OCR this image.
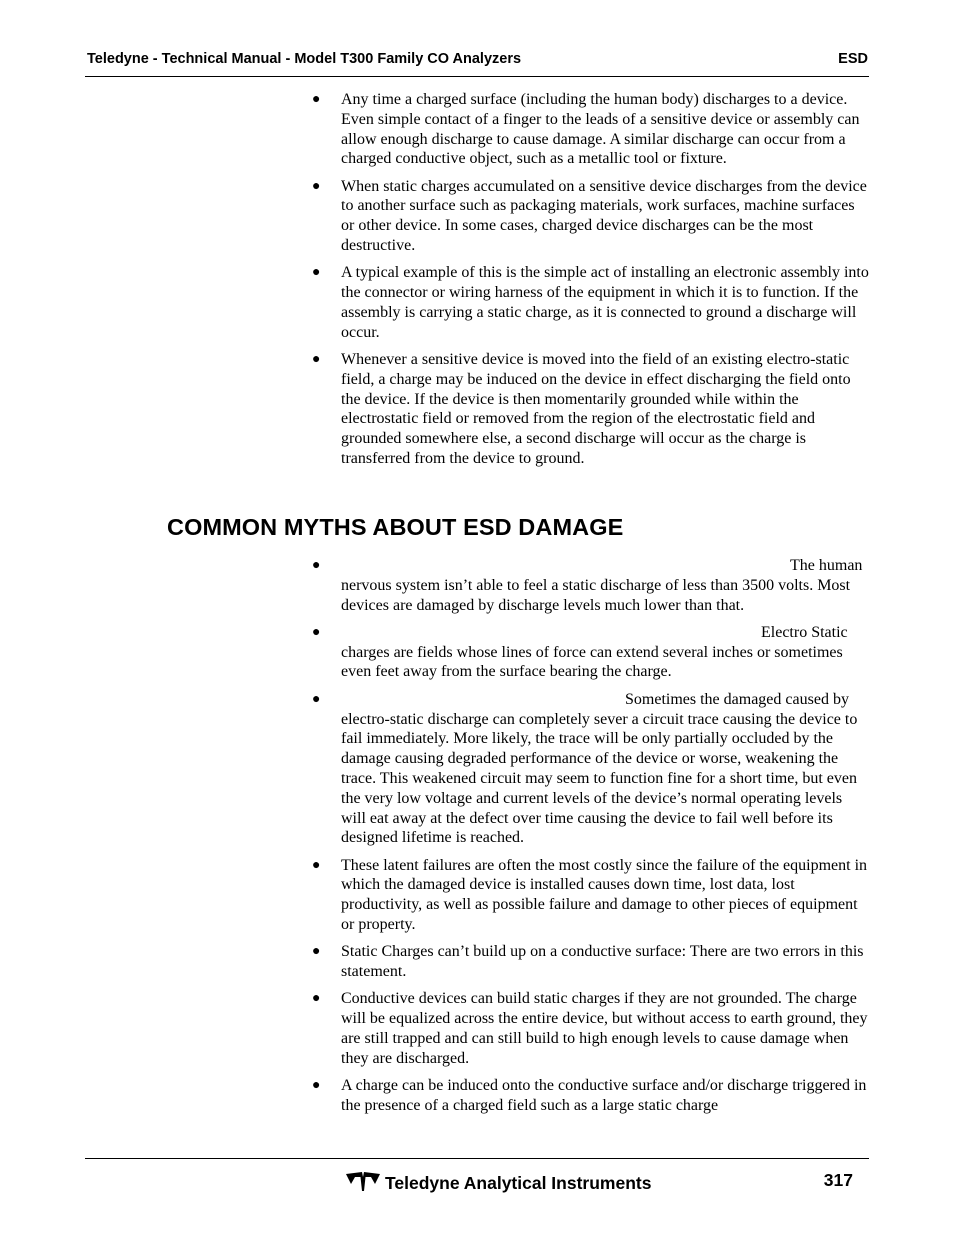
Teledyne - Technical Manual - Model T300 Family CO Analyzers	ESD
● Any time a charged surface (including the human body) discharges to a device. Even simple contact of a finger to the leads of a sensitive device or assembly can allow enough discharge to cause damage. A similar discharge can occur from a charged conductive object, such as a metallic tool or fixture.
● When static charges accumulated on a sensitive device discharges from the device to another surface such as packaging materials, work surfaces, machine surfaces or other device. In some cases, charged device discharges can be the most destructive.
● A typical example of this is the simple act of installing an electronic assembly into the connector or wiring harness of the equipment in which it is to function. If the assembly is carrying a static charge, as it is connected to ground a discharge will occur.
● Whenever a sensitive device is moved into the field of an existing electro-static field, a charge may be induced on the device in effect discharging the field onto the device. If the device is then momentarily grounded while within the electrostatic field or removed from the region of the electrostatic field and grounded somewhere else, a second discharge will occur as the charge is transferred from the device to ground.
COMMON MYTHS ABOUT ESD DAMAGE
●	The human nervous system isn’t able to feel a static discharge of less than 3500 volts. Most devices are damaged by discharge levels much lower than that.
●	Electro Static charges are fields whose lines of force can extend several inches or sometimes even feet away from the surface bearing the charge.
●	Sometimes the damaged caused by electro-static discharge can completely sever a circuit trace causing the device to fail immediately. More likely, the trace will be only partially occluded by the damage causing degraded performance of the device or worse, weakening the trace. This weakened circuit may seem to function fine for a short time, but even the very low voltage and current levels of the device’s normal operating levels will eat away at the defect over time causing the device to fail well before its designed lifetime is reached.
● These latent failures are often the most costly since the failure of the equipment in which the damaged device is installed causes down time, lost data, lost productivity, as well as possible failure and damage to other pieces of equipment or property.
● Static Charges can’t build up on a conductive surface: There are two errors in this statement.
● Conductive devices can build static charges if they are not grounded. The charge will be equalized across the entire device, but without access to earth ground, they are still trapped and can still build to high enough levels to cause damage when they are discharged.
● A charge can be induced onto the conductive surface and/or discharge triggered in the presence of a charged field such as a large static charge
Teledyne Analytical Instruments	317
